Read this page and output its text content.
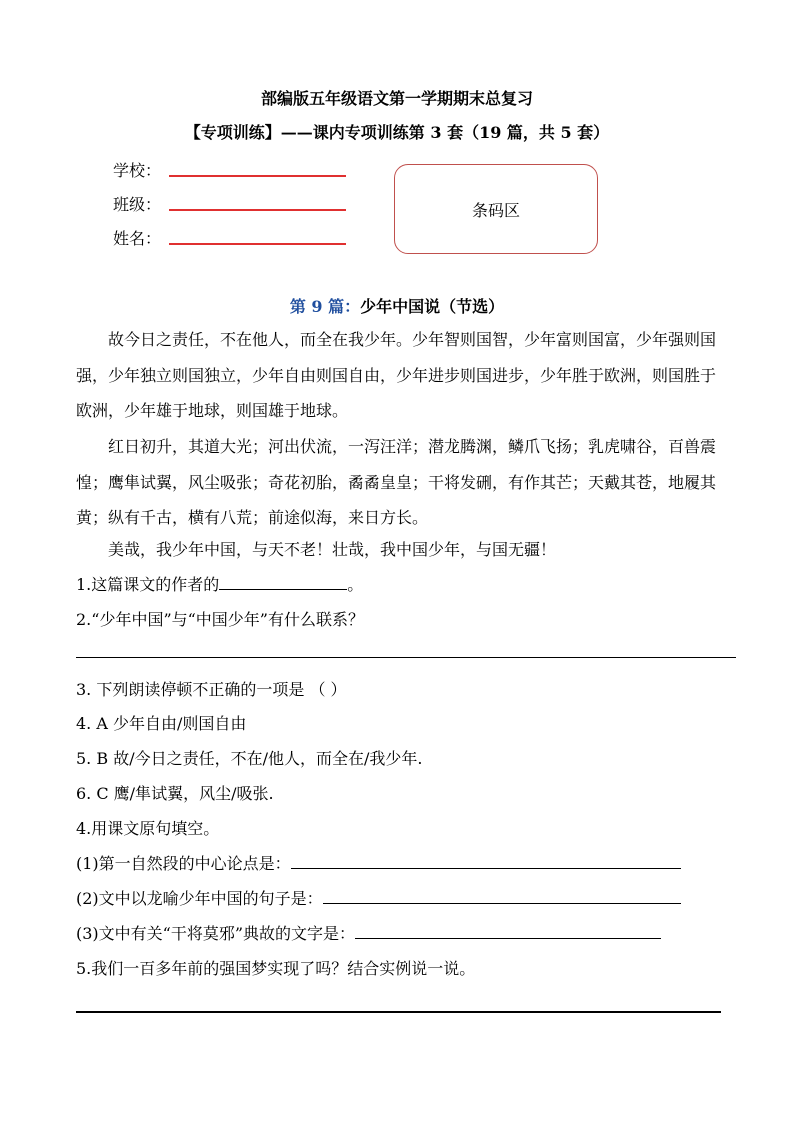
部编版五年级语文第一学期期末总复习
【专项训练】——课内专项训练第 3 套（19 篇，共 5 套）
学校：
班级：
姓名：
条码区
第 9 篇：少年中国说（节选）

故今日之责任，不在他人，而全在我少年。少年智则国智，少年富则国富，少年强则国强，少年独立则国独立，少年自由则国自由，少年进步则国进步，少年胜于欧洲，则国胜于欧洲，少年雄于地球，则国雄于地球。

红日初升，其道大光；河出伏流，一泻汪洋；潜龙腾渊，鳞爪飞扬；乳虎啸谷，百兽震惶；鹰隼试翼，风尘吸张；奇花初胎，矞矞皇皇；干将发硎，有作其芒；天戴其苍，地履其黄；纵有千古，横有八荒；前途似海，来日方长。

美哉，我少年中国，与天不老！壮哉，我中国少年，与国无疆！

1.这篇课文的作者的	。
2.“少年中国”与“中国少年”有什么联系？
3. 下列朗读停顿不正确的一项是 （ ）
4. A 少年自由/则国自由
5. B 故/今日之责任，不在/他人，而全在/我少年.
6. C 鹰/隼试翼，风尘/吸张.
4.用课文原句填空。
(1)第一自然段的中心论点是：
(2)文中以龙喻少年中国的句子是：
(3)文中有关“干将莫邪”典故的文字是：
5.我们一百多年前的强国梦实现了吗？结合实例说一说。
